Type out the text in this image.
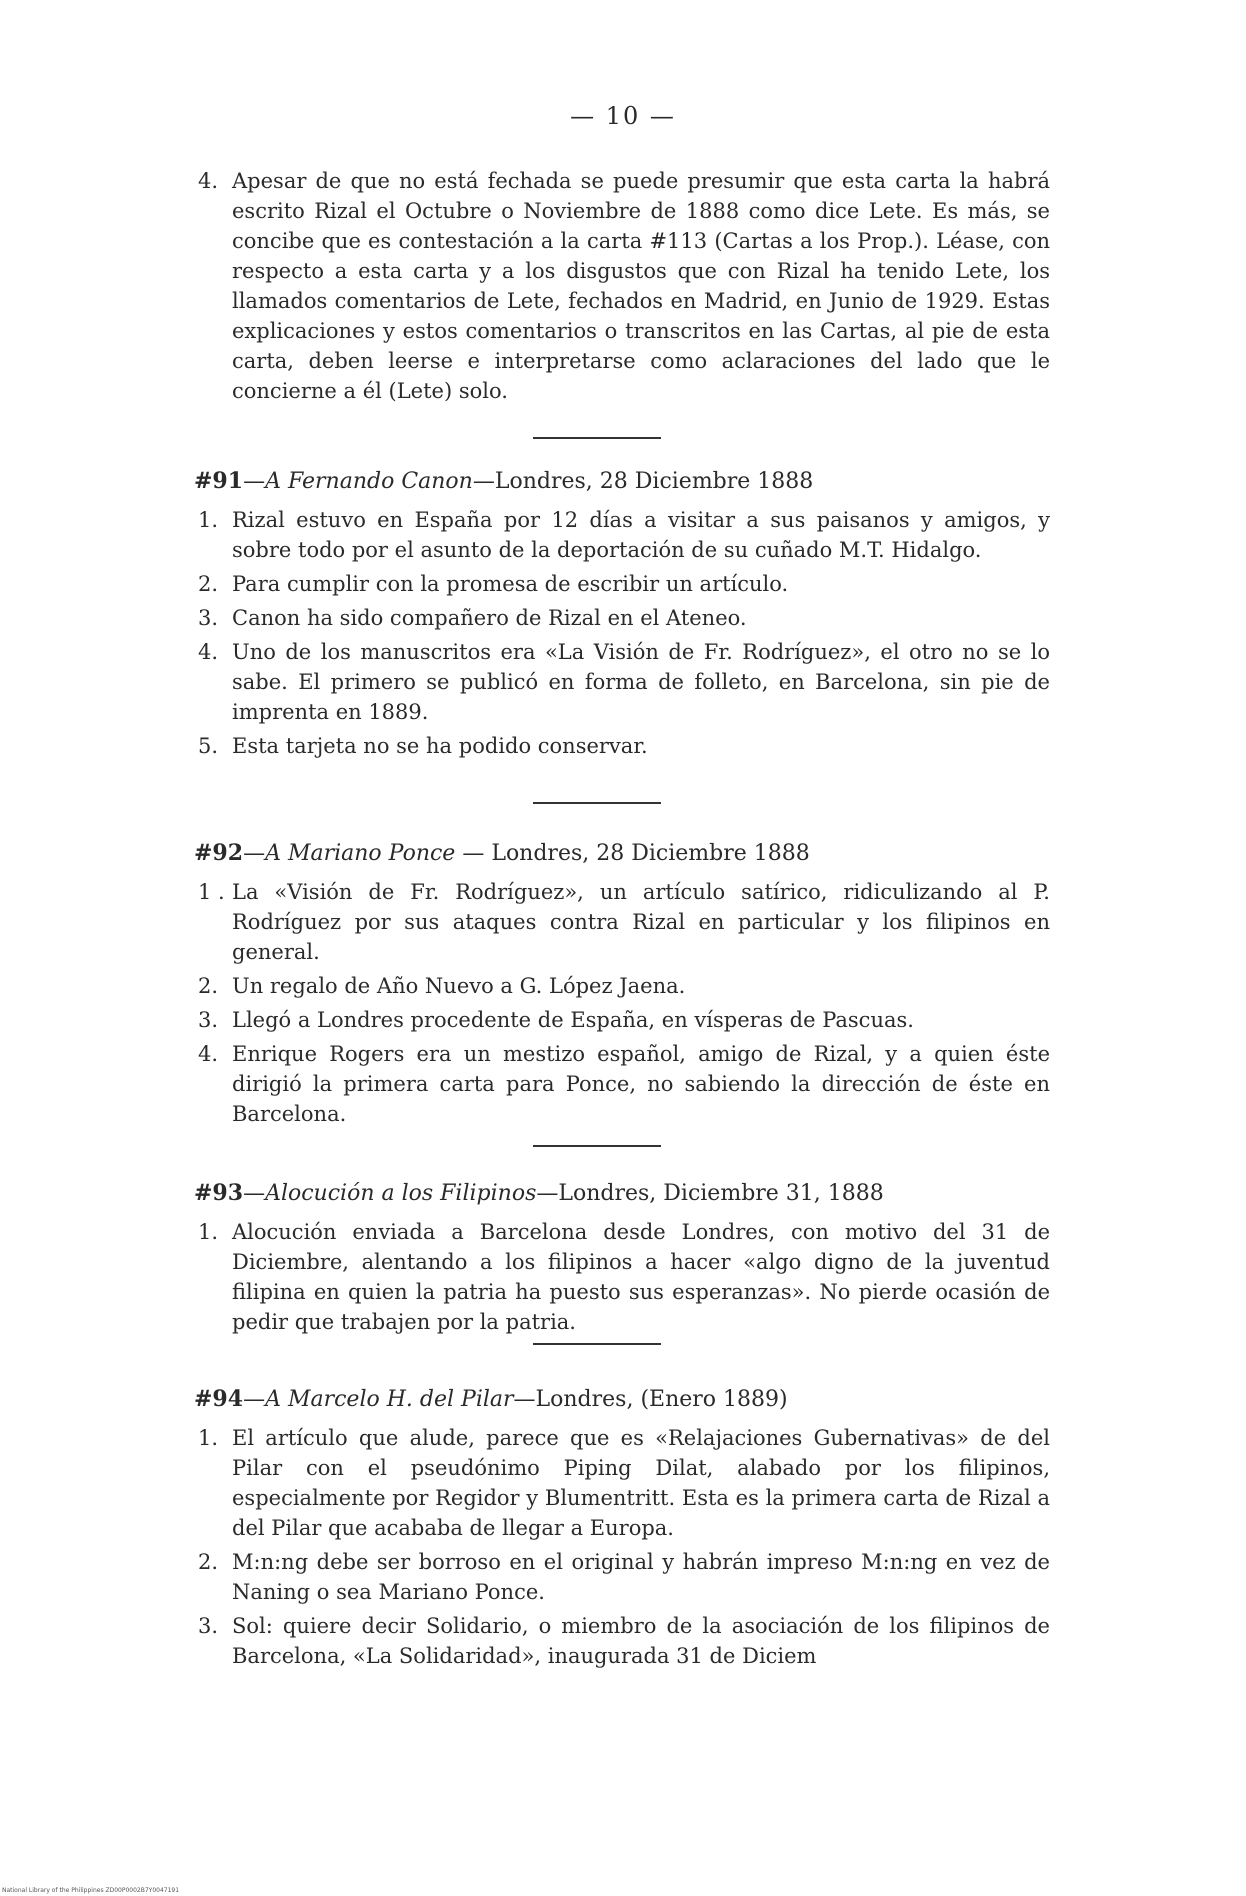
— 10 —
4. Apesar de que no está fechada se puede presumir que esta carta la habrá escrito Rizal el Octubre o Noviembre de 1888 como dice Lete. Es más, se concibe que es contestación a la carta #113 (Cartas a los Prop.). Léase, con respecto a esta carta y a los disgustos que con Rizal ha tenido Lete, los llamados comentarios de Lete, fechados en Madrid, en Junio de 1929. Estas explicaciones y estos comentarios o transcritos en las Cartas, al pie de esta carta, deben leerse e interpretarse como aclaraciones del lado que le concierne a él (Lete) solo.
#91—A Fernando Canon—Londres, 28 Diciembre 1888
1. Rizal estuvo en España por 12 días a visitar a sus paisanos y amigos, y sobre todo por el asunto de la deportación de su cuñado M.T. Hidalgo.
2. Para cumplir con la promesa de escribir un artículo.
3. Canon ha sido compañero de Rizal en el Ateneo.
4. Uno de los manuscritos era «La Visión de Fr. Rodríguez», el otro no se lo sabe. El primero se publicó en forma de folleto, en Barcelona, sin pie de imprenta en 1889.
5. Esta tarjeta no se ha podido conservar.
#92—A Mariano Ponce — Londres, 28 Diciembre 1888
1 . La «Visión de Fr. Rodríguez», un artículo satírico, ridiculizando al P. Rodríguez por sus ataques contra Rizal en particular y los filipinos en general.
2. Un regalo de Año Nuevo a G. López Jaena.
3. Llegó a Londres procedente de España, en vísperas de Pascuas.
4. Enrique Rogers era un mestizo español, amigo de Rizal, y a quien éste dirigió la primera carta para Ponce, no sabiendo la dirección de éste en Barcelona.
#93—Alocución a los Filipinos—Londres, Diciembre 31, 1888
1. Alocución enviada a Barcelona desde Londres, con motivo del 31 de Diciembre, alentando a los filipinos a hacer «algo digno de la juventud filipina en quien la patria ha puesto sus esperanzas». No pierde ocasión de pedir que trabajen por la patria.
#94—A Marcelo H. del Pilar—Londres, (Enero 1889)
1. El artículo que alude, parece que es «Relajaciones Gubernativas» de del Pilar con el pseudónimo Piping Dilat, alabado por los filipinos, especialmente por Regidor y Blumentritt. Esta es la primera carta de Rizal a del Pilar que acababa de llegar a Europa.
2. M:n:ng debe ser borroso en el original y habrán impreso M:n:ng en vez de Naning o sea Mariano Ponce.
3. Sol: quiere decir Solidario, o miembro de la asociación de los filipinos de Barcelona, «La Solidaridad», inaugurada 31 de Diciem
National Library of the Philippines ZD00P0002B7Y0047191
